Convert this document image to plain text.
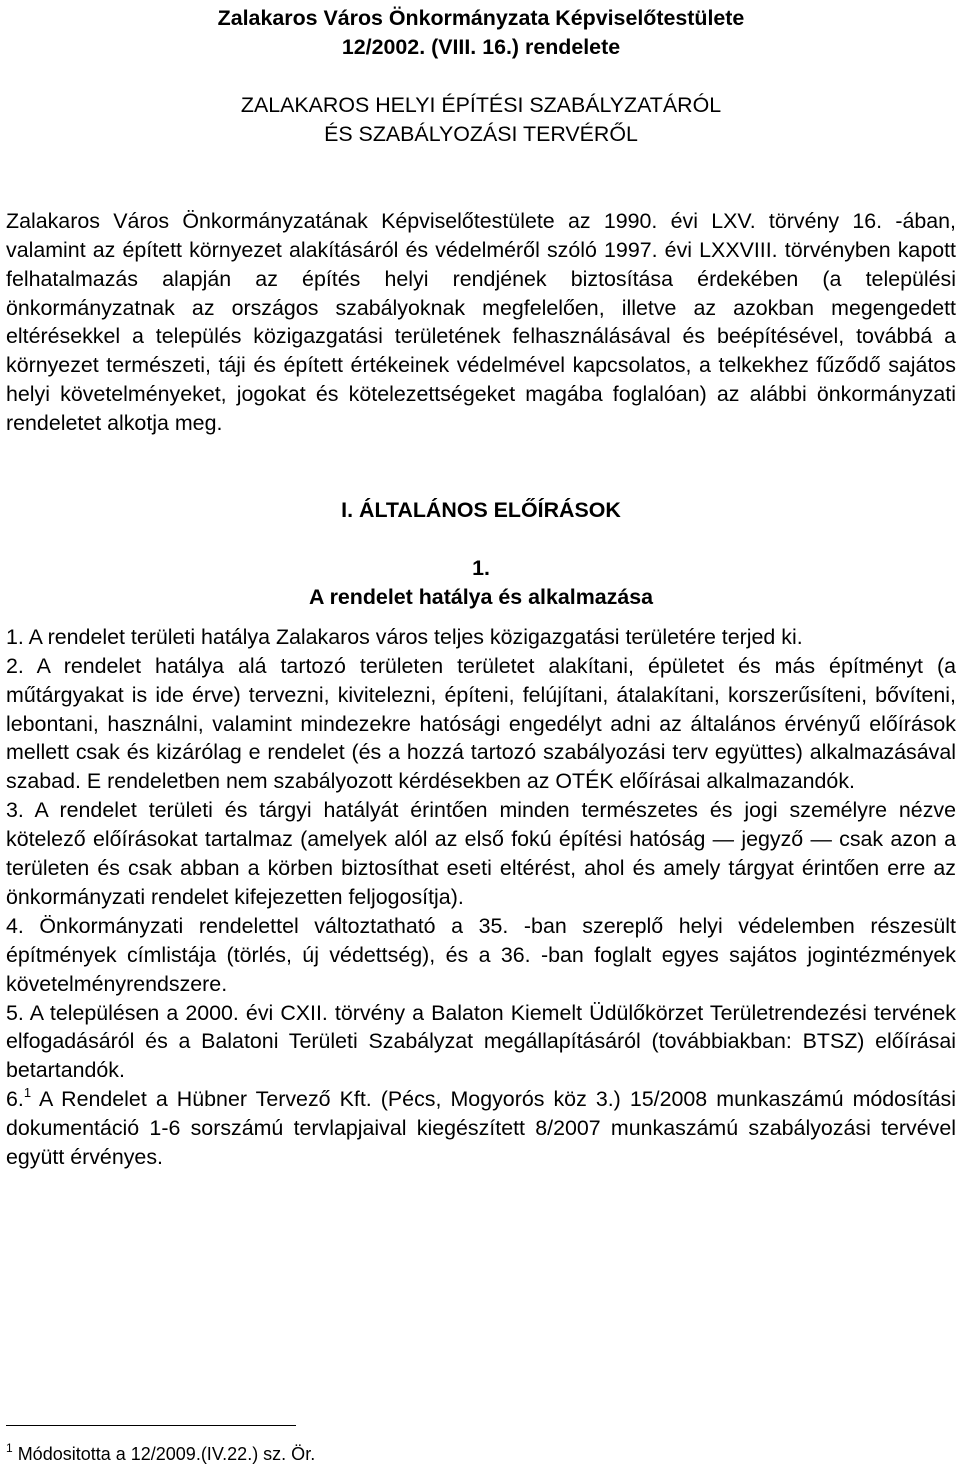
Zalakaros Város Önkormányzata Képviselőtestülete
12/2002. (VIII. 16.) rendelete
ZALAKAROS HELYI ÉPÍTÉSI SZABÁLYZATÁRÓL
ÉS SZABÁLYOZÁSI TERVÉRŐL
Zalakaros Város Önkormányzatának Képviselőtestülete az 1990. évi LXV. törvény 16. -ában, valamint az épített környezet alakításáról és védelméről szóló 1997. évi LXXVIII. törvényben kapott felhatalmazás alapján az építés helyi rendjének biztosítása érdekében (a települési önkormányzatnak az országos szabályoknak megfelelően, illetve az azokban megengedett eltérésekkel a település közigazgatási területének felhasználásával és beépítésével, továbbá a környezet természeti, táji és épített értékeinek védelmével kapcsolatos, a telkekhez fűződő sajátos helyi követelményeket, jogokat és kötelezettségeket magába foglalóan) az alábbi önkormányzati rendeletet alkotja meg.
I. ÁLTALÁNOS ELŐÍRÁSOK
1.
A rendelet hatálya és alkalmazása
1. A rendelet területi hatálya Zalakaros város teljes közigazgatási területére terjed ki.
2. A rendelet hatálya alá tartozó területen területet alakítani, épületet és más építményt (a műtárgyakat is ide érve) tervezni, kivitelezni, építeni, felújítani, átalakítani, korszerűsíteni, bővíteni, lebontani, használni, valamint mindezekre hatósági engedélyt adni az általános érvényű előírások mellett csak és kizárólag e rendelet (és a hozzá tartozó szabályozási terv együttes) alkalmazásával szabad. E rendeletben nem szabályozott kérdésekben az OTÉK előírásai alkalmazandók.
3. A rendelet területi és tárgyi hatályát érintően minden természetes és jogi személyre nézve kötelező előírásokat tartalmaz (amelyek alól az első fokú építési hatóság — jegyző — csak azon a területen és csak abban a körben biztosíthat eseti eltérést, ahol és amely tárgyat érintően erre az önkormányzati rendelet kifejezetten feljogosítja).
4. Önkormányzati rendelettel változtatható a 35. -ban szereplő helyi védelemben részesült építmények címlistája (törlés, új védettség), és a 36. -ban foglalt egyes sajátos jogintézmények követelményrendszere.
5. A településen a 2000. évi CXII. törvény a Balaton Kiemelt Üdülőkörzet Területrendezési tervének elfogadásáról és a Balatoni Területi Szabályzat megállapításáról (továbbiakban: BTSZ) előírásai betartandók.
6.$^1$ A Rendelet a Hübner Tervező Kft. (Pécs, Mogyorós köz 3.) 15/2008 munkaszámú módosítási dokumentáció 1-6 sorszámú tervlapjaival kiegészített 8/2007 munkaszámú szabályozási tervével együtt érvényes.
$^1$ Módositotta a 12/2009.(IV.22.) sz. Ör.
